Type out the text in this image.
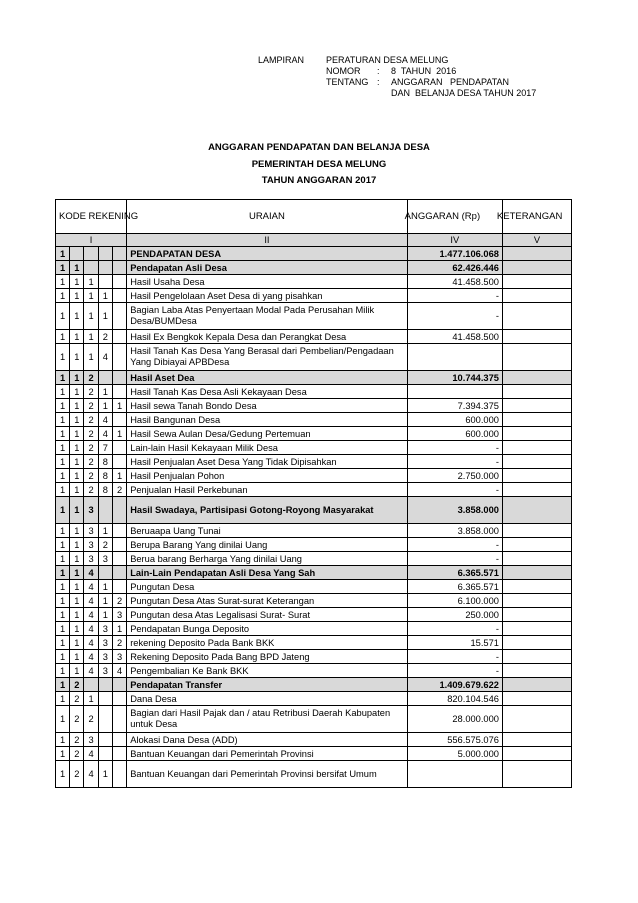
LAMPIRAN	PERATURAN DESA MELUNG
NOMOR	:	8  TAHUN  2016
TENTANG :	ANGGARAN   PENDAPATAN
DAN  BELANJA DESA TAHUN 2017
ANGGARAN PENDAPATAN DAN BELANJA DESA
PEMERINTAH DESA MELUNG
TAHUN ANGGARAN 2017
KODE REKENING					URAIAN	ANGGARAN (Rp)	KETERANGAN

I					II	IV	V
1					PENDAPATAN DESA	1.477.106.068	
1	1				Pendapatan Asli Desa	62.426.446	
1	1	1			Hasil Usaha Desa	41.458.500	
1	1	1	1		Hasil Pengelolaan Aset Desa di yang pisahkan	-	
1	1	1	1		Bagian Laba Atas Penyertaan Modal Pada Perusahan Milik Desa/BUMDesa	-	
1	1	1	2		Hasil Ex Bengkok Kepala Desa dan Perangkat Desa	41.458.500	
1	1	1	4		Hasil Tanah Kas Desa Yang Berasal dari Pembelian/Pengadaan Yang Dibiayai APBDesa		
1	1	2			Hasil Aset Dea	10.744.375	
1	1	2	1		Hasil Tanah Kas Desa Asli Kekayaan Desa		
1	1	2	1	1	Hasil sewa Tanah Bondo Desa	7.394.375	
1	1	2	4		Hasil Bangunan Desa	600.000	
1	1	2	4	1	Hasil Sewa Aulan Desa/Gedung Pertemuan	600.000	
1	1	2	7		Lain-lain Hasil Kekayaan Milik Desa	-	
1	1	2	8		Hasil Penjualan Aset Desa Yang Tidak Dipisahkan	-	
1	1	2	8	1	Hasil Penjualan Pohon	2.750.000	
1	1	2	8	2	Penjualan Hasil Perkebunan	-	
1	1	3			Hasil Swadaya, Partisipasi Gotong-Royong Masyarakat	3.858.000	
1	1	3	1		Beruaapa Uang Tunai	3.858.000	
1	1	3	2		Berupa Barang Yang dinilai Uang	-	
1	1	3	3		Berua barang Berharga Yang dinilai Uang	-	
1	1	4			Lain-Lain Pendapatan Asli Desa Yang Sah	6.365.571	
1	1	4	1		Pungutan Desa	6.365.571	
1	1	4	1	2	Pungutan Desa Atas Surat-surat Keterangan	6.100.000	
1	1	4	1	3	Pungutan desa Atas Legalisasi Surat- Surat	250.000	
1	1	4	3	1	Pendapatan Bunga Deposito	-	
1	1	4	3	2	rekening Deposito Pada Bank BKK	15.571	
1	1	4	3	3	Rekening Deposito Pada Bang BPD Jateng	-	
1	1	4	3	4	Pengembalian Ke Bank BKK	-	
1	2				Pendapatan Transfer	1.409.679.622	
1	2	1			Dana Desa	820.104.546	
1	2	2			Bagian dari Hasil Pajak dan / atau Retribusi Daerah Kabupaten untuk Desa	28.000.000	
1	2	3			Alokasi Dana Desa (ADD)	556.575.076	
1	2	4			Bantuan Keuangan dari Pemerintah Provinsi	5.000.000	
1	2	4	1		Bantuan Keuangan dari Pemerintah Provinsi bersifat Umum		
